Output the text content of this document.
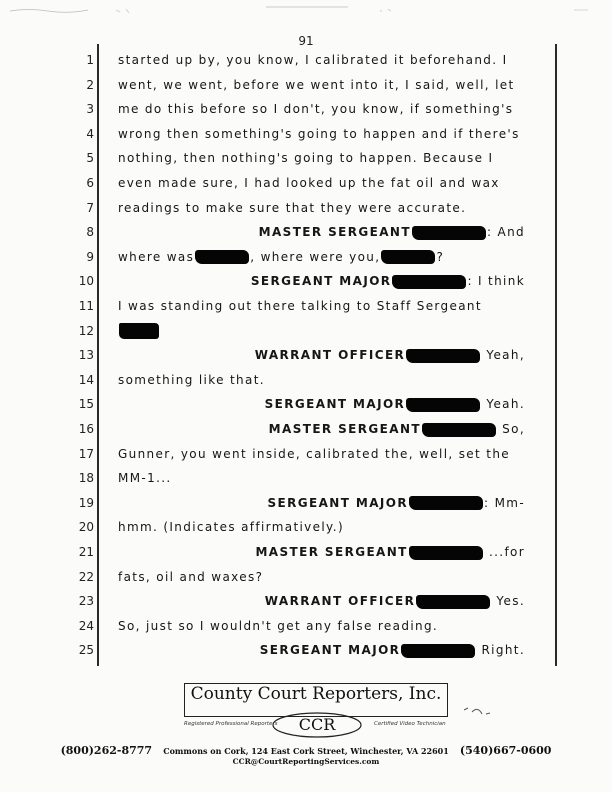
91
1 started up by, you know, I calibrated it beforehand. I
2 went, we went, before we went into it, I said, well, let
3 me do this before so I don't, you know, if something's
4 wrong then something's going to happen and if there's
5 nothing, then nothing's going to happen. Because I
6 even made sure, I had looked up the fat oil and wax
7 readings to make sure that they were accurate.
8	MASTER SERGEANT	: And
9 where was	, where were you,	?
10	SERGEANT MAJOR	: I think
11 I was standing out there talking to Staff Sergeant
12
13	WARRANT OFFICER	Yeah,
14 something like that.
15	SERGEANT MAJOR	Yeah.
16	MASTER SERGEANT	So,
17 Gunner, you went inside, calibrated the, well, set the
18 MM-1...
19	SERGEANT MAJOR	: Mm-
20 hmm. (Indicates affirmatively.)
21	MASTER SERGEANT	...for
22 fats, oil and waxes?
23	WARRANT OFFICER	Yes.
24 So, just so I wouldn't get any false reading.
25	SERGEANT MAJOR	Right.
County Court Reporters, Inc.
CCR
Registered Professional Reporters	Certified Video Technician
(800)262-8777 Commons on Cork, 124 East Cork Street, Winchester, VA 22601 (540)667-0600
CCR@CourtReportingServices.com
